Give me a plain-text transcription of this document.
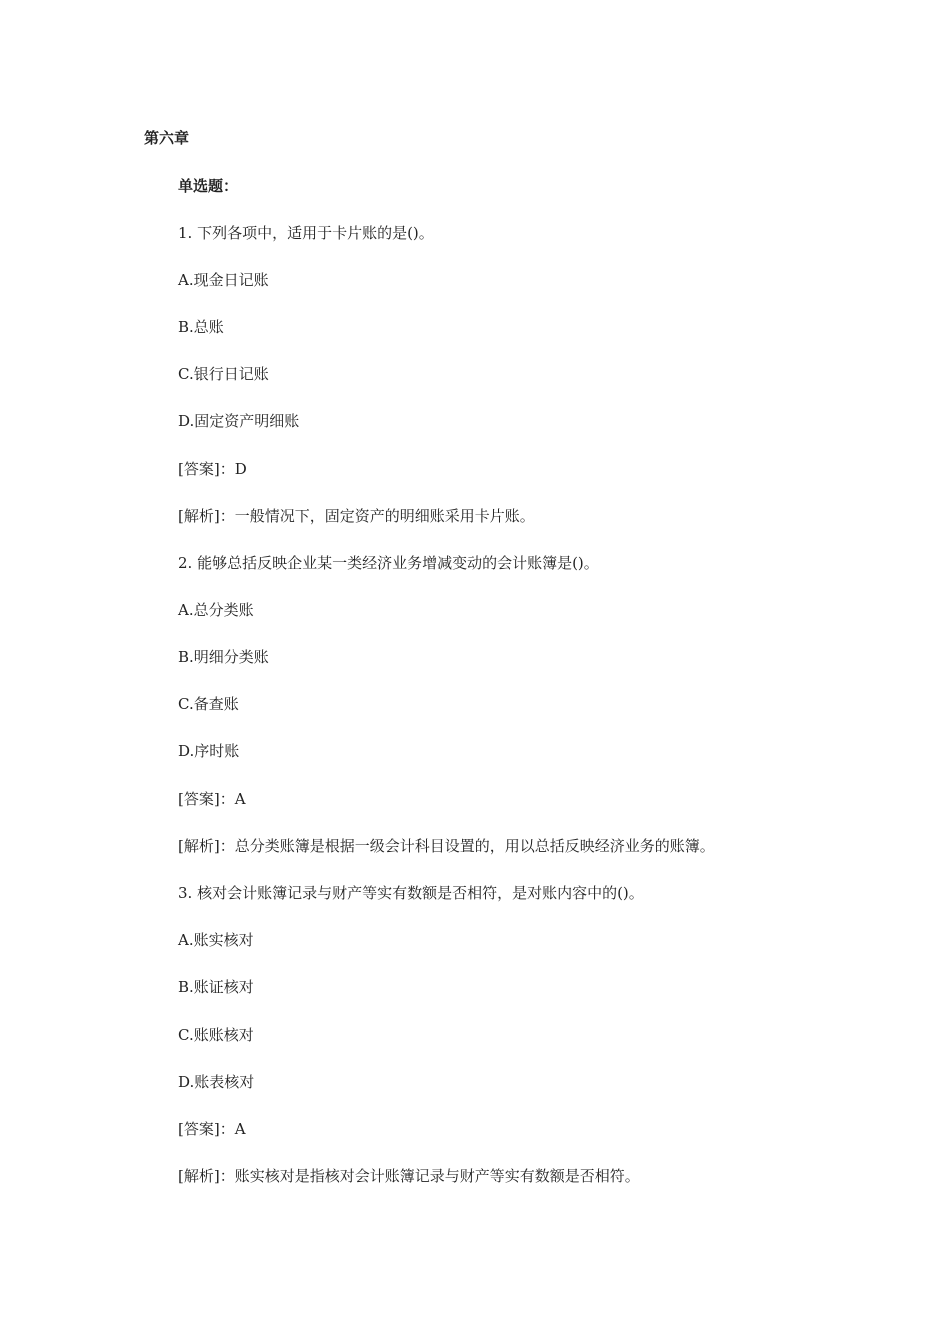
第六章
单选题：
1. 下列各项中，适用于卡片账的是()。
A.现金日记账
B.总账
C.银行日记账
D.固定资产明细账
[答案]：D
[解析]：一般情况下，固定资产的明细账采用卡片账。
2. 能够总括反映企业某一类经济业务增减变动的会计账簿是()。
A.总分类账
B.明细分类账
C.备查账
D.序时账
[答案]：A
[解析]：总分类账簿是根据一级会计科目设置的，用以总括反映经济业务的账簿。
3. 核对会计账簿记录与财产等实有数额是否相符，是对账内容中的()。
A.账实核对
B.账证核对
C.账账核对
D.账表核对
[答案]：A
[解析]：账实核对是指核对会计账簿记录与财产等实有数额是否相符。
